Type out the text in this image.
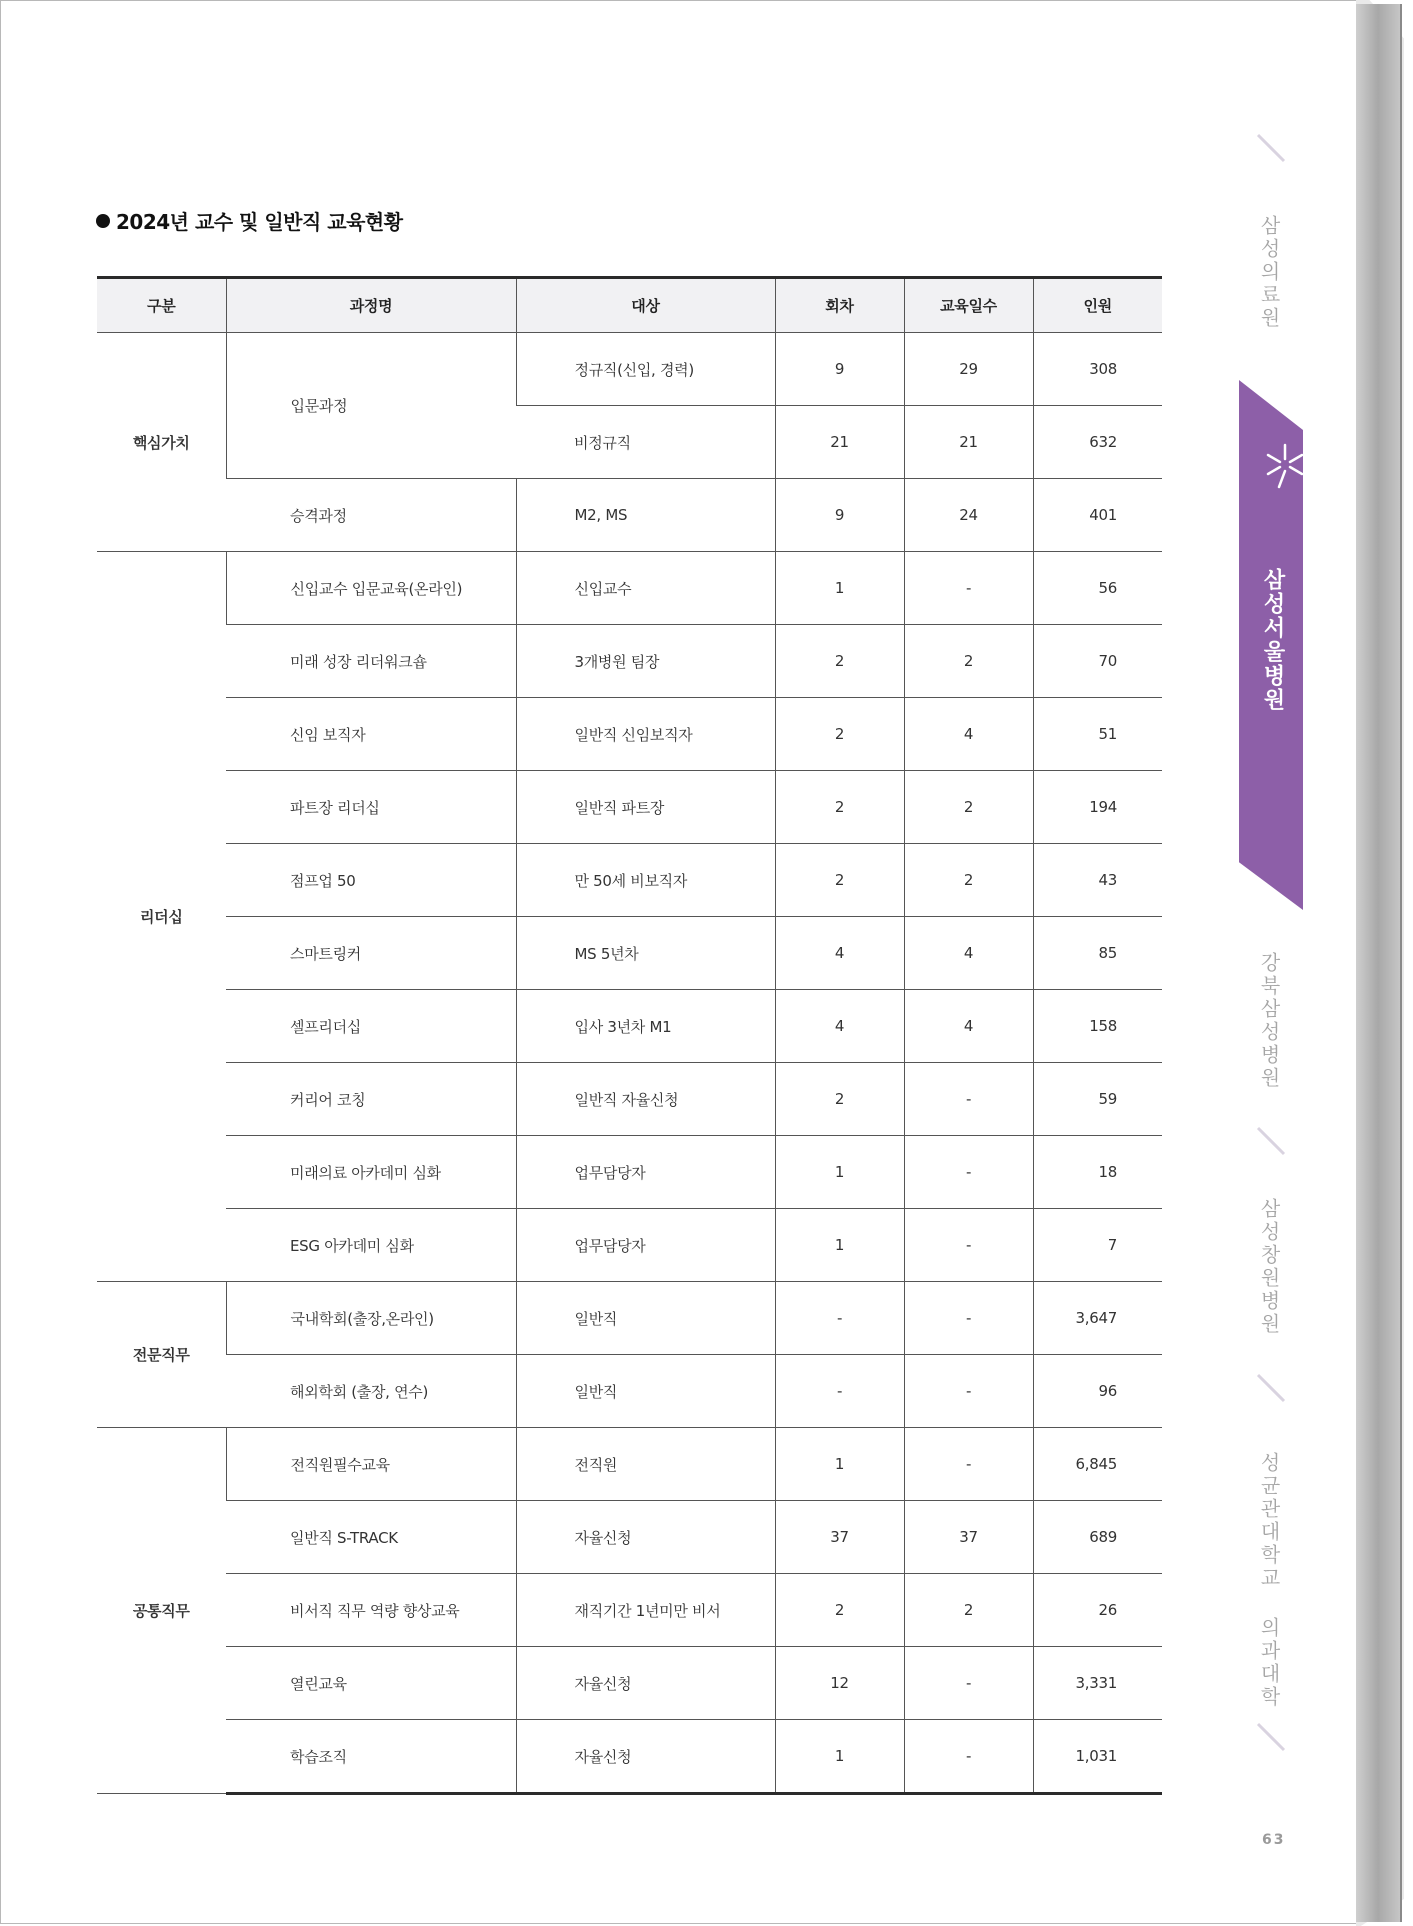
2024년 교수 및 일반직 교육현황
구분	과정명	대상	회차	교육일수	인원
핵심가치	입문과정	정규직(신입, 경력)	9	29	308
		비정규직	21	21	632
	승격과정	M2, MS	9	24	401
리더십	신입교수 입문교육(온라인)	신입교수	1	-	56
	미래 성장 리더워크숍	3개병원 팀장	2	2	70
	신임 보직자	일반직 신임보직자	2	4	51
	파트장 리더십	일반직 파트장	2	2	194
	점프업 50	만 50세 비보직자	2	2	43
	스마트링커	MS 5년차	4	4	85
	셀프리더십	입사 3년차 M1	4	4	158
	커리어 코칭	일반직 자율신청	2	-	59
	미래의료 아카데미 심화	업무담당자	1	-	18
	ESG 아카데미 심화	업무담당자	1	-	7
전문직무	국내학회(출장,온라인)	일반직	-	-	3,647
	해외학회 (출장, 연수)	일반직	-	-	96
공통직무	전직원필수교육	전직원	1	-	6,845
	일반직 S-TRACK	자율신청	37	37	689
	비서직 직무 역량 향상교육	재직기간 1년미만 비서	2	2	26
	열린교육	자율신청	12	-	3,331
	학습조직	자율신청	1	-	1,031
삼성의료원
삼성서울병원
강북삼성병원
삼성창원병원
성균관대학교 의과대학
63
